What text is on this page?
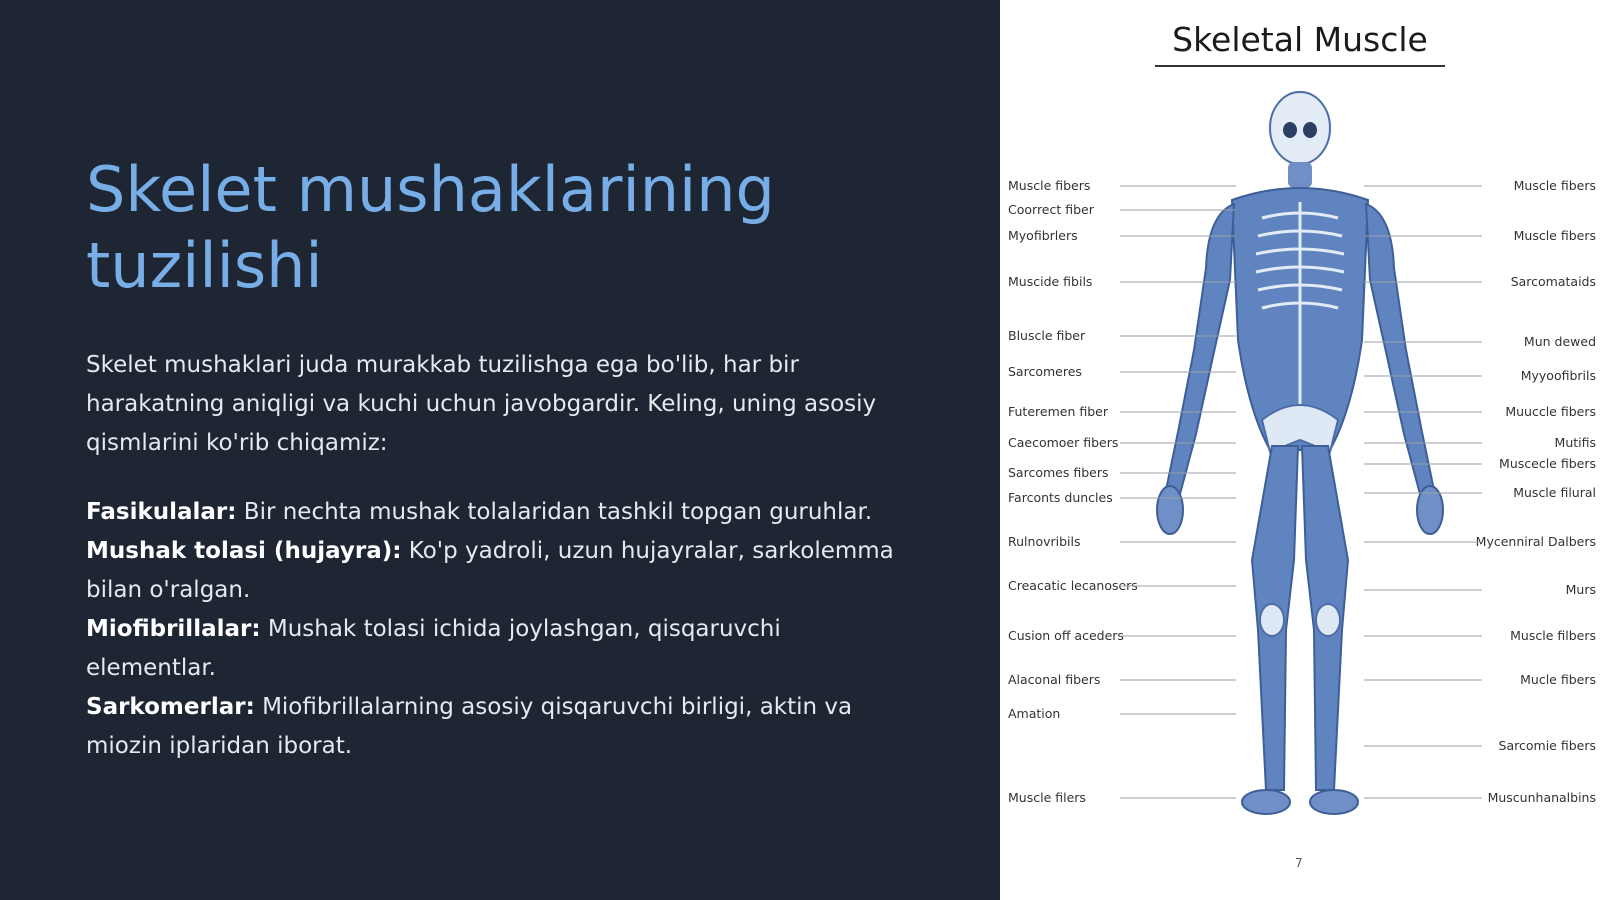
Skelet mushaklarining tuzilishi

Skelet mushaklari juda murakkab tuzilishga ega bo'lib, har bir harakatning aniqligi va kuchi uchun javobgardir. Keling, uning asosiy qismlarini ko'rib chiqamiz:

Fasikulalar: Bir nechta mushak tolalaridan tashkil topgan guruhlar.
Mushak tolasi (hujayra): Ko'p yadroli, uzun hujayralar, sarkolemma bilan o'ralgan.
Miofibrillalar: Mushak tolasi ichida joylashgan, qisqaruvchi elementlar.
Sarkomerlar: Miofibrillalarning asosiy qisqaruvchi birligi, aktin va miozin iplaridan iborat.
Skeletal Muscle
Muscle fibers
Coorrect fiber
Myofibrlers
Muscide fibils
Bluscle fiber
Sarcomeres
Futeremen fiber
Caecomoer fibers
Sarcomes fibers
Farconts duncles
Rulnovribils
Creacatic lecanosers
Cusion off aceders
Alaconal fibers
Amation
Muscle filers
Muscle fibers
Muscle fibers
Sarcomataids
Mun dewed
Myyoofibrils
Muuccle fibers
Mutifis
Muscecle fibers
Muscle filural
Mycenniral Dalbers
Murs
Muscle filbers
Mucle fibers
Sarcomie fibers
Muscunhanalbins
7
